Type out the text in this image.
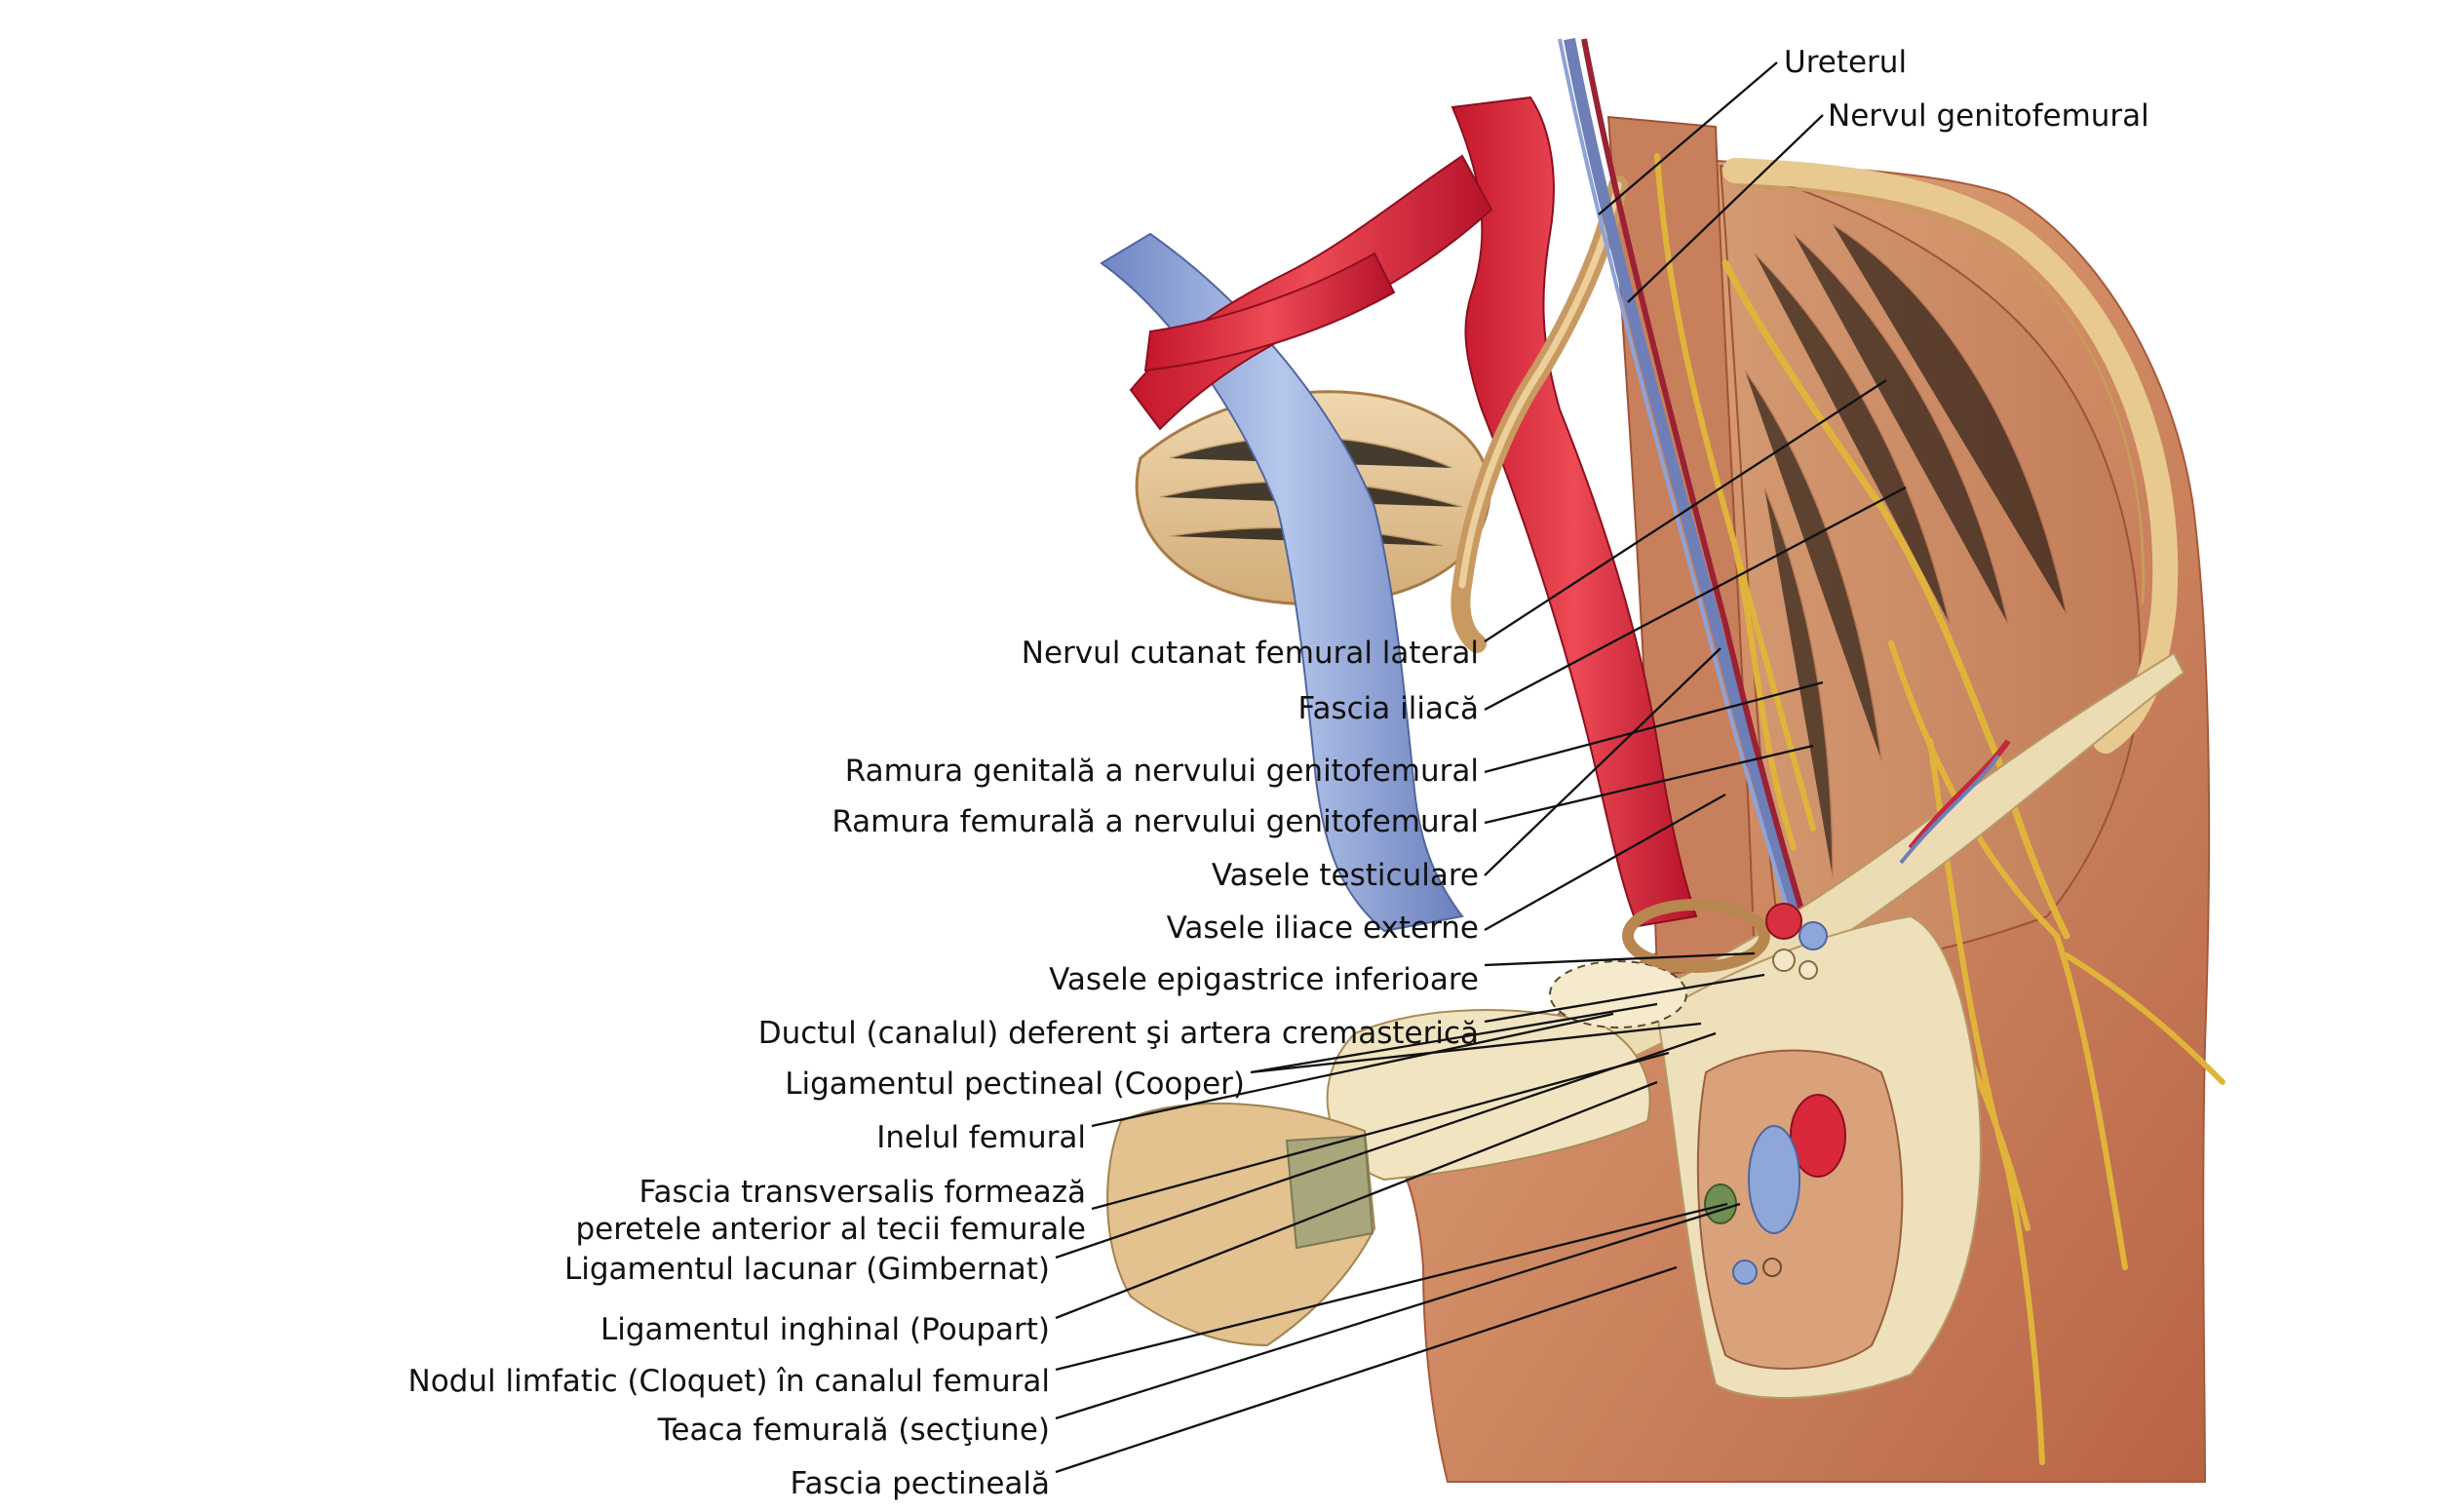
Ureterul
Nervul genitofemural
Nervul cutanat femural lateral
Fascia iliacă
Ramura genitală a nervului genitofemural
Ramura femurală a nervului genitofemural
Vasele testiculare
Vasele iliace externe
Vasele epigastrice inferioare
Ductul (canalul) deferent şi artera cremasterică
Ligamentul pectineal (Cooper)
Inelul femural
Fascia transversalis formează
peretele anterior al tecii femurale
Ligamentul lacunar (Gimbernat)
Ligamentul inghinal (Poupart)
Nodul limfatic (Cloquet) în canalul femural
Teaca femurală (secţiune)
Fascia pectineală
